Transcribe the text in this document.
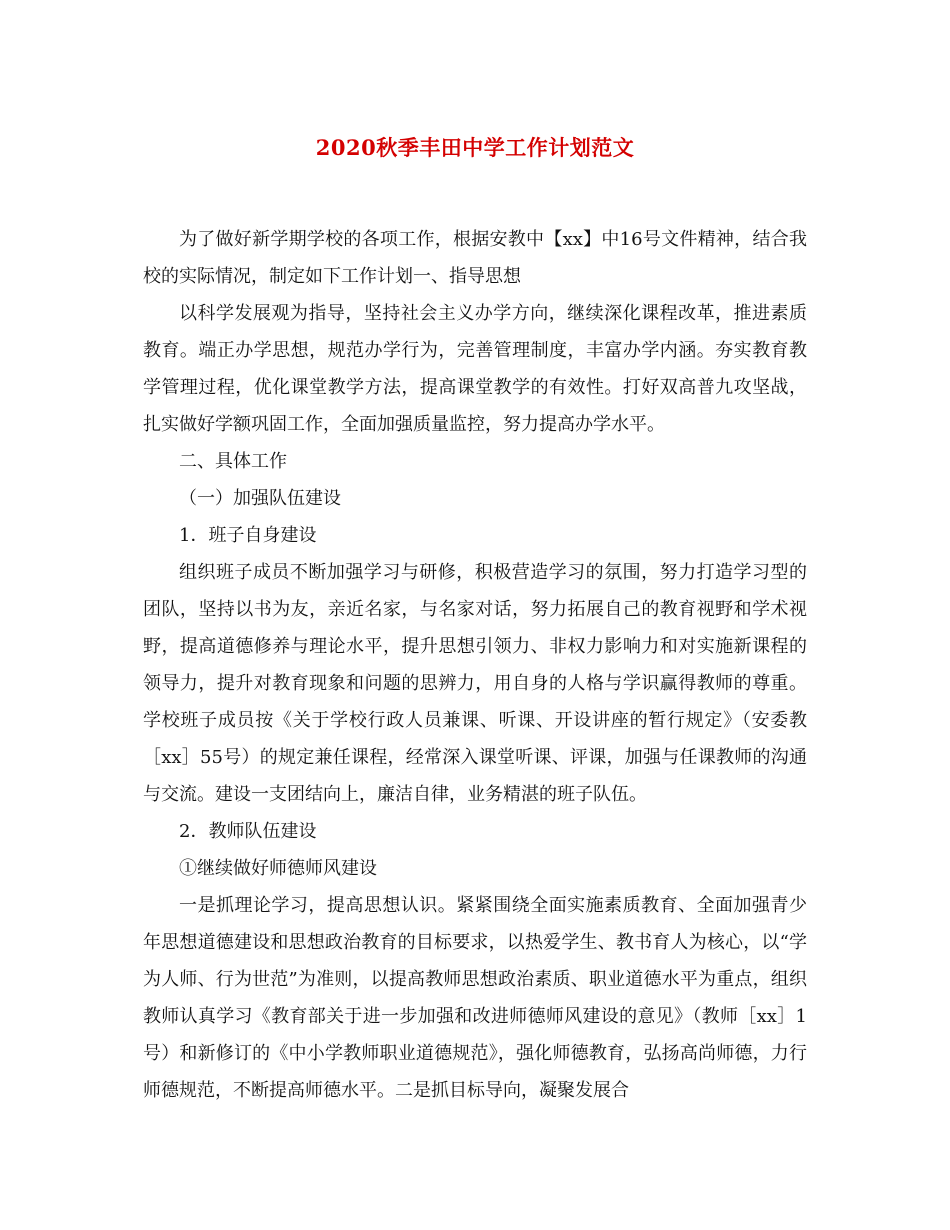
2020秋季丰田中学工作计划范文

为了做好新学期学校的各项工作，根据安教中【xx】中16号文件精神，结合我校的实际情况，制定如下工作计划一、指导思想

以科学发展观为指导，坚持社会主义办学方向，继续深化课程改革，推进素质教育。端正办学思想，规范办学行为，完善管理制度，丰富办学内涵。夯实教育教学管理过程，优化课堂教学方法，提高课堂教学的有效性。打好双高普九攻坚战，扎实做好学额巩固工作，全面加强质量监控，努力提高办学水平。

二、具体工作

（一）加强队伍建设

1．班子自身建设

组织班子成员不断加强学习与研修，积极营造学习的氛围，努力打造学习型的团队，坚持以书为友，亲近名家，与名家对话，努力拓展自己的教育视野和学术视野，提高道德修养与理论水平，提升思想引领力、非权力影响力和对实施新课程的领导力，提升对教育现象和问题的思辨力，用自身的人格与学识赢得教师的尊重。学校班子成员按《关于学校行政人员兼课、听课、开设讲座的暂行规定》（安委教［xx］55号）的规定兼任课程，经常深入课堂听课、评课，加强与任课教师的沟通与交流。建设一支团结向上，廉洁自律，业务精湛的班子队伍。

2．教师队伍建设

①继续做好师德师风建设

一是抓理论学习，提高思想认识。紧紧围绕全面实施素质教育、全面加强青少年思想道德建设和思想政治教育的目标要求，以热爱学生、教书育人为核心，以“学为人师、行为世范”为准则，以提高教师思想政治素质、职业道德水平为重点，组织教师认真学习《教育部关于进一步加强和改进师德师风建设的意见》（教师［xx］1号）和新修订的《中小学教师职业道德规范》，强化师德教育，弘扬高尚师德，力行师德规范，不断提高师德水平。二是抓目标导向，凝聚发展合
